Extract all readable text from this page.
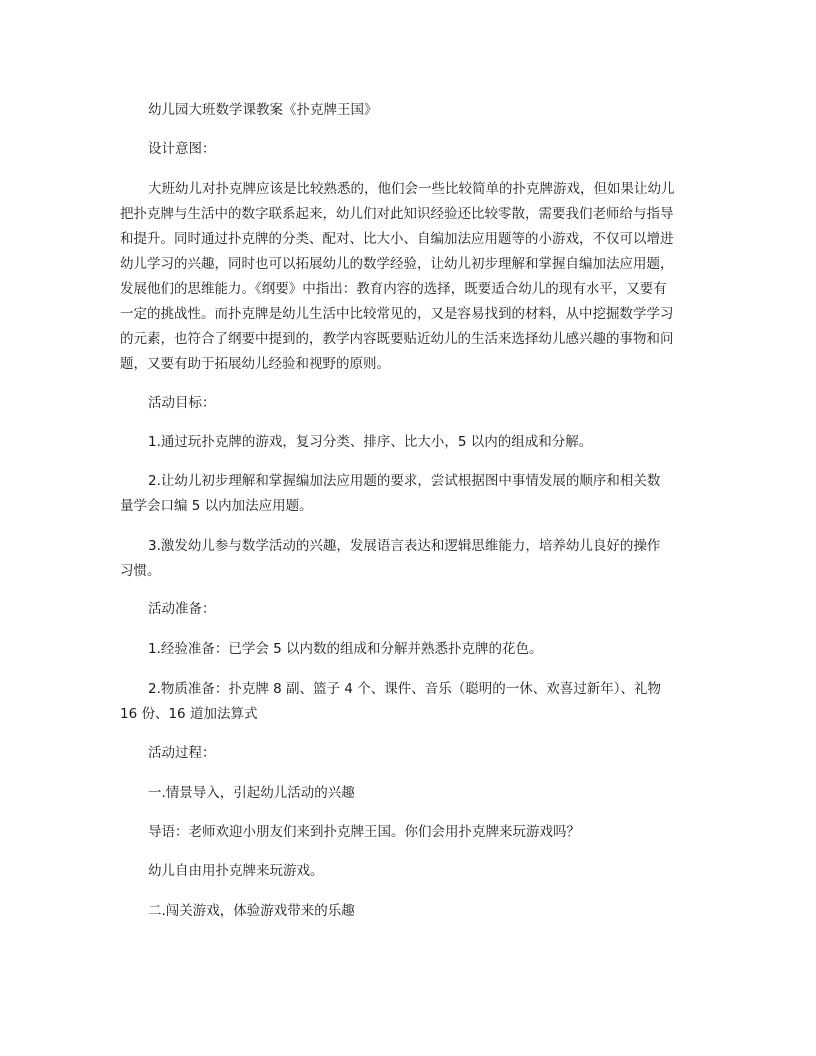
幼儿园大班数学课教案《扑克牌王国》
设计意图：
大班幼儿对扑克牌应该是比较熟悉的，他们会一些比较简单的扑克牌游戏，但如果让幼儿
把扑克牌与生活中的数字联系起来，幼儿们对此知识经验还比较零散，需要我们老师给与指导
和提升。同时通过扑克牌的分类、配对、比大小、自编加法应用题等的小游戏，不仅可以增进
幼儿学习的兴趣，同时也可以拓展幼儿的数学经验，让幼儿初步理解和掌握自编加法应用题，
发展他们的思维能力。《纲要》中指出：教育内容的选择，既要适合幼儿的现有水平，又要有
一定的挑战性。而扑克牌是幼儿生活中比较常见的，又是容易找到的材料，从中挖掘数学学习
的元素，也符合了纲要中提到的，教学内容既要贴近幼儿的生活来选择幼儿感兴趣的事物和问
题，又要有助于拓展幼儿经验和视野的原则。
活动目标：
1.通过玩扑克牌的游戏，复习分类、排序、比大小，5 以内的组成和分解。
2.让幼儿初步理解和掌握编加法应用题的要求，尝试根据图中事情发展的顺序和相关数
量学会口编 5 以内加法应用题。
3.激发幼儿参与数学活动的兴趣，发展语言表达和逻辑思维能力，培养幼儿良好的操作
习惯。
活动准备：
1.经验准备：已学会 5 以内数的组成和分解并熟悉扑克牌的花色。
2.物质准备：扑克牌 8 副、篮子 4 个、课件、音乐（聪明的一休、欢喜过新年）、礼物
16 份、16 道加法算式
活动过程：
一.情景导入，引起幼儿活动的兴趣
导语：老师欢迎小朋友们来到扑克牌王国。你们会用扑克牌来玩游戏吗？
幼儿自由用扑克牌来玩游戏。
二.闯关游戏，体验游戏带来的乐趣
